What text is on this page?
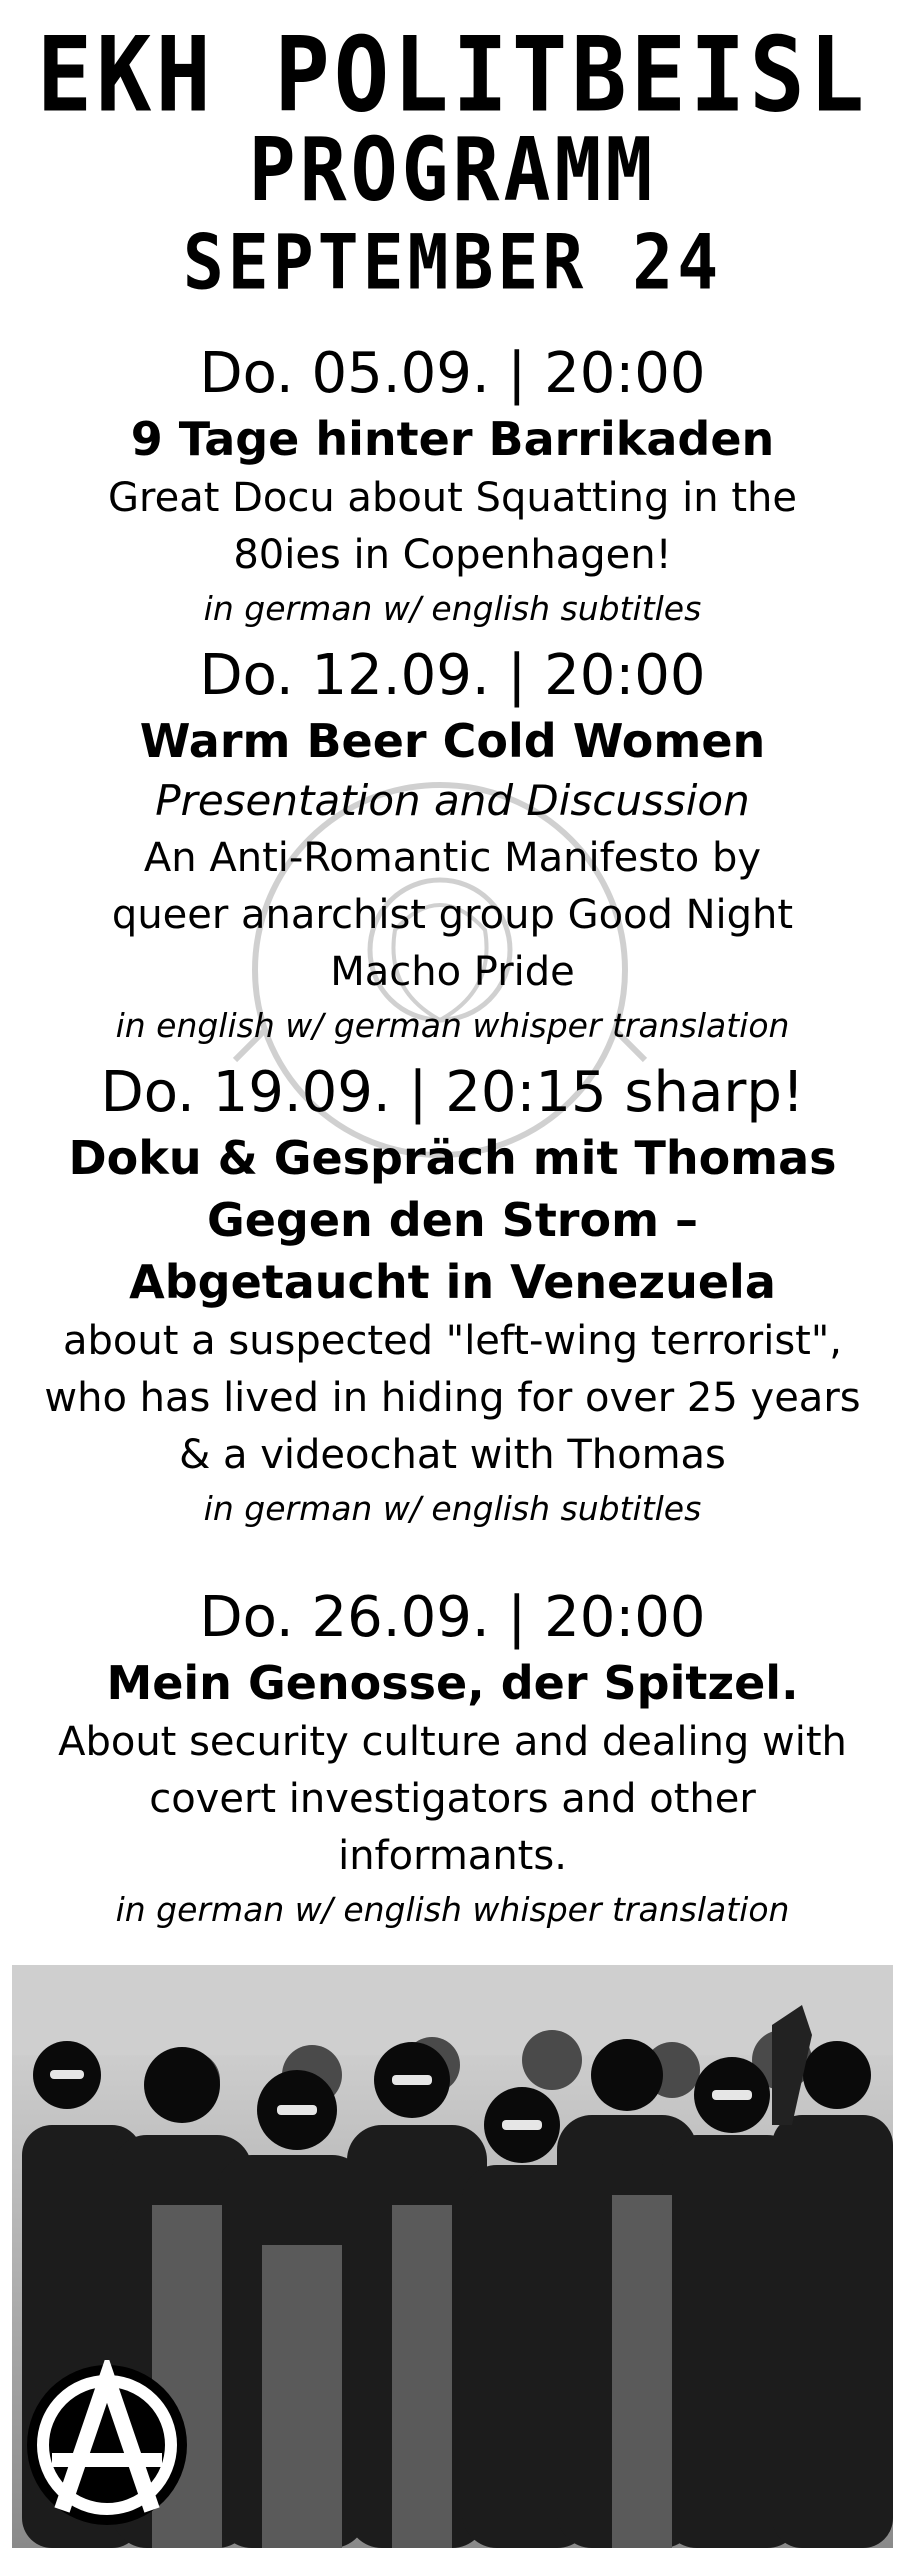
EKH POLITBEISL
PROGRAMM
SEPTEMBER 24
Do. 05.09. | 20:00
9 Tage hinter Barrikaden
Great Docu about Squatting in the
80ies in Copenhagen!
in german w/ english subtitles
Do. 12.09. | 20:00
Warm Beer Cold Women
Presentation and Discussion
An Anti-Romantic Manifesto by
queer anarchist group Good Night
Macho Pride
in english w/ german whisper translation
Do. 19.09. | 20:15 sharp!
Doku & Gespräch mit Thomas
Gegen den Strom –
Abgetaucht in Venezuela
about a suspected "left-wing terrorist",
who has lived in hiding for over 25 years
& a videochat with Thomas
in german w/ english subtitles
Do. 26.09. | 20:00
Mein Genosse, der Spitzel.
About security culture and dealing with
covert investigators and other
informants.
in german w/ english whisper translation
